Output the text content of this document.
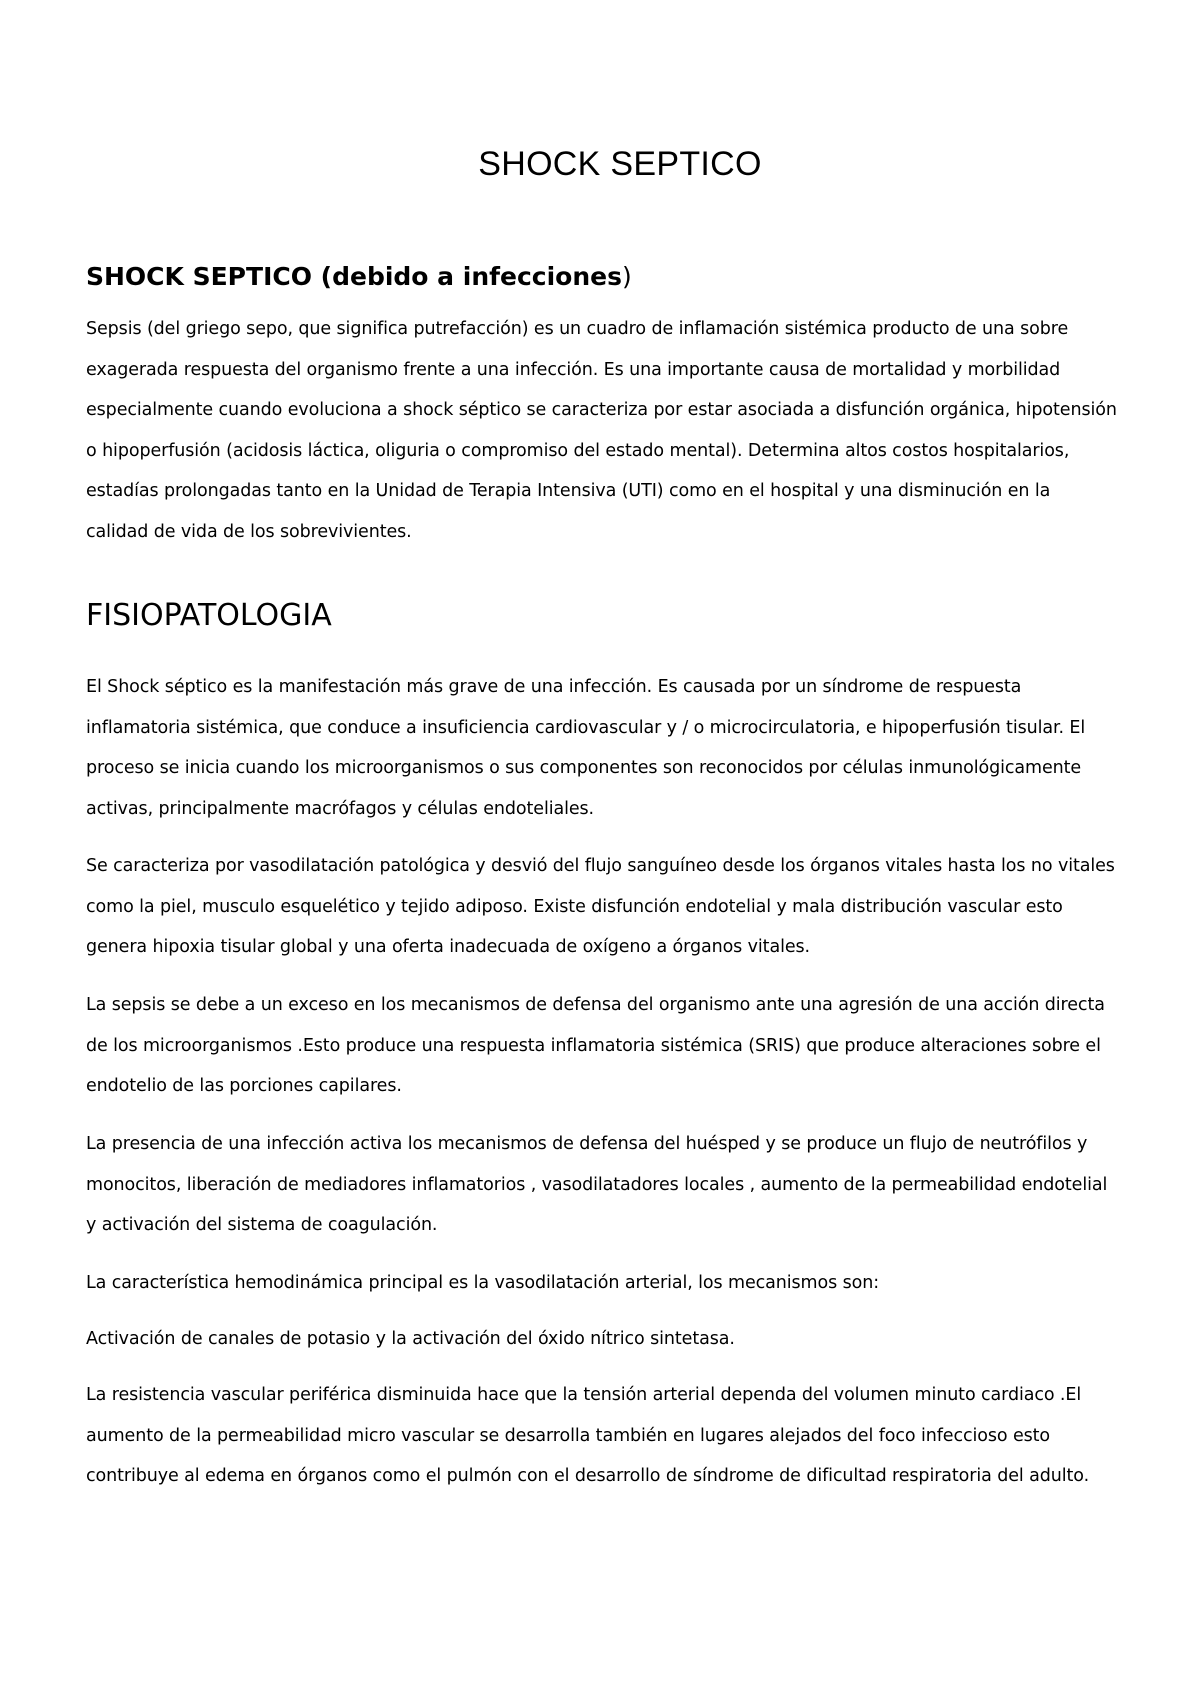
SHOCK SEPTICO
SHOCK SEPTICO (debido a infecciones)

Sepsis (del griego sepo, que significa putrefacción) es un cuadro de inflamación sistémica producto de una sobre
exagerada respuesta del organismo frente a una infección. Es una importante causa de mortalidad y morbilidad
especialmente cuando evoluciona a shock séptico se caracteriza por estar asociada a disfunción orgánica, hipotensión
o hipoperfusión (acidosis láctica, oliguria o compromiso del estado mental). Determina altos costos hospitalarios,
estadías prolongadas tanto en la Unidad de Terapia Intensiva (UTI) como en el hospital y una disminución en la
calidad de vida de los sobrevivientes.

FISIOPATOLOGIA

El Shock séptico es la manifestación más grave de una infección. Es causada por un síndrome de respuesta
inflamatoria sistémica, que conduce a insuficiencia cardiovascular y / o microcirculatoria, e hipoperfusión tisular. El
proceso se inicia cuando los microorganismos o sus componentes son reconocidos por células inmunológicamente
activas, principalmente macrófagos y células endoteliales.

Se caracteriza por vasodilatación patológica y desvió del flujo sanguíneo desde los órganos vitales hasta los no vitales
como la piel, musculo esquelético y tejido adiposo. Existe disfunción endotelial y mala distribución vascular esto
genera hipoxia tisular global y una oferta inadecuada de oxígeno a órganos vitales.

La sepsis se debe a un exceso en los mecanismos de defensa del organismo ante una agresión de una acción directa
de los microorganismos .Esto produce una respuesta inflamatoria sistémica (SRIS) que produce alteraciones sobre el
endotelio de las porciones capilares.

La presencia de una infección activa los mecanismos de defensa del huésped y se produce un flujo de neutrófilos y
monocitos, liberación de mediadores inflamatorios , vasodilatadores locales , aumento de la permeabilidad endotelial
y activación del sistema de coagulación.

La característica hemodinámica principal es la vasodilatación arterial, los mecanismos son:

Activación de canales de potasio y la activación del óxido nítrico sintetasa.

La resistencia vascular periférica disminuida hace que la tensión arterial dependa del volumen minuto cardiaco .El
aumento de la permeabilidad micro vascular se desarrolla también en lugares alejados del foco infeccioso esto
contribuye al edema en órganos como el pulmón con el desarrollo de síndrome de dificultad respiratoria del adulto.
